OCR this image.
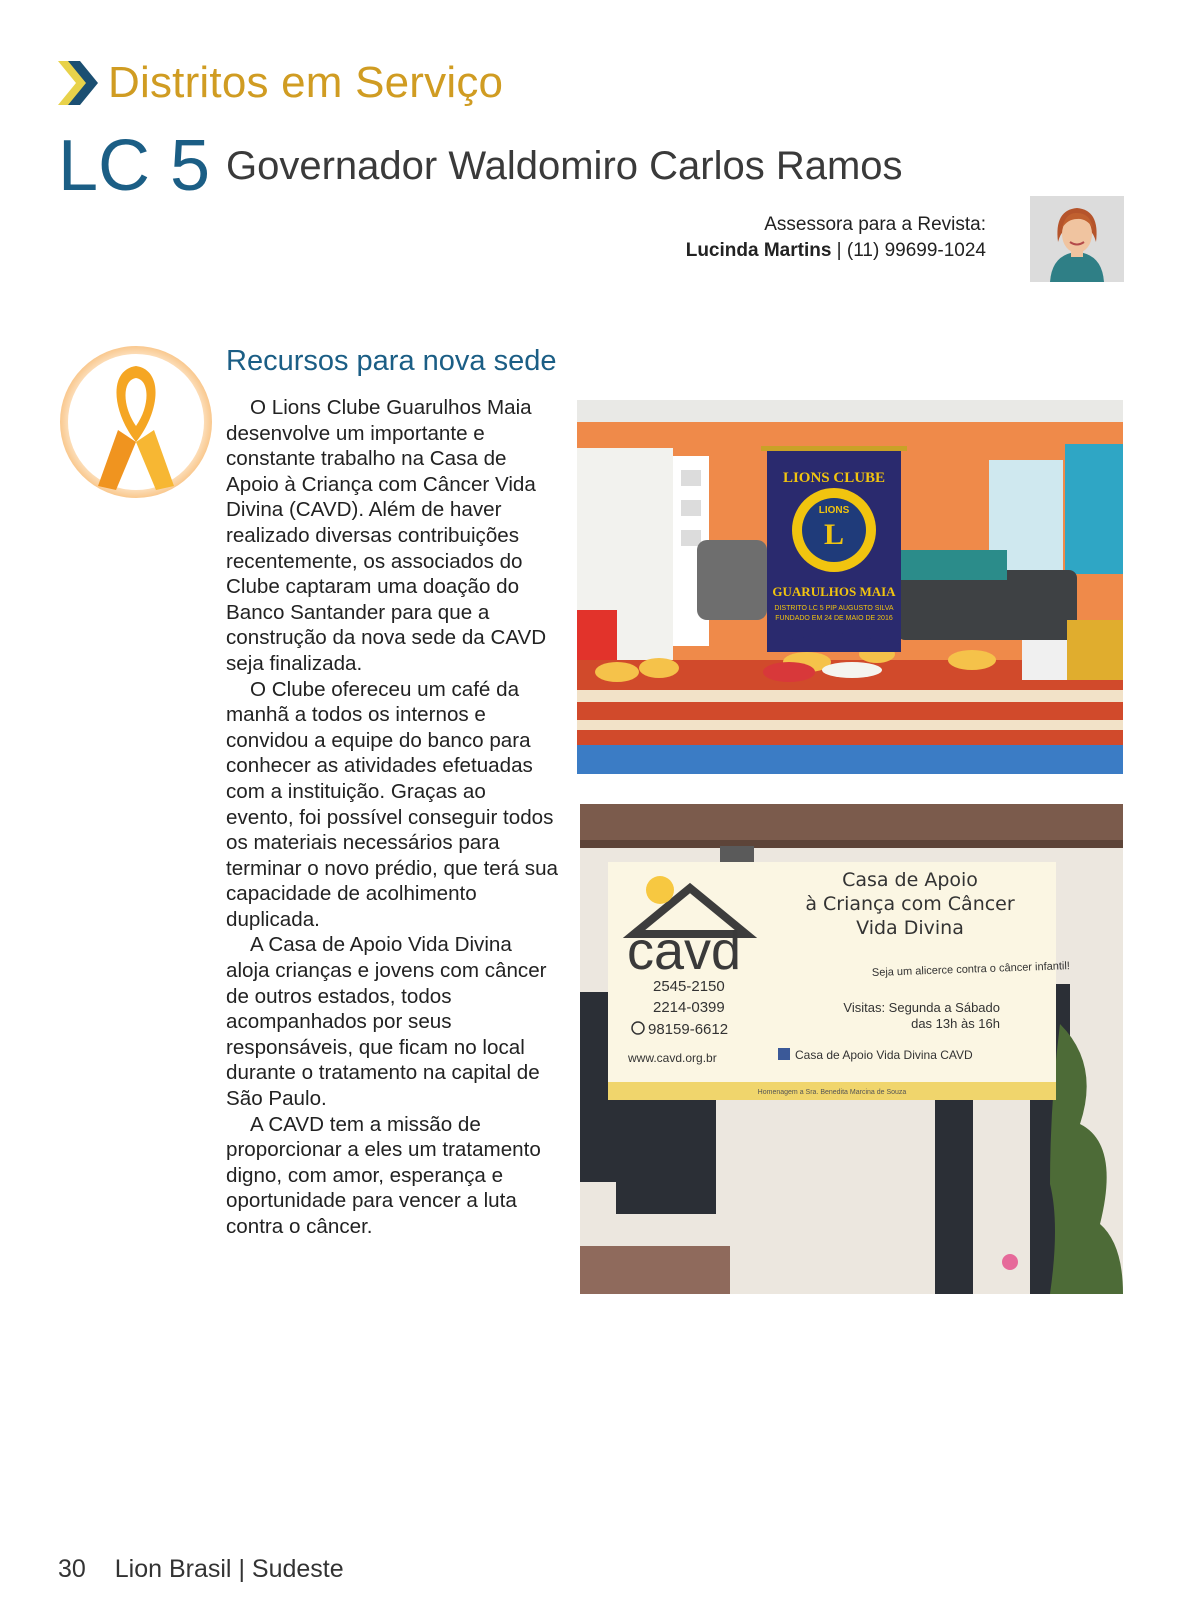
Distritos em Serviço
LC 5 Governador Waldomiro Carlos Ramos
Assessora para a Revista:
Lucinda Martins | (11) 99699-1024
Recursos para nova sede

O Lions Clube Guarulhos Maia desenvolve um importante e constante trabalho na Casa de Apoio à Criança com Câncer Vida Divina (CAVD). Além de haver realizado diversas contribuições recentemente, os associados do Clube captaram uma doação do Banco Santander para que a construção da nova sede da CAVD seja finalizada.

O Clube ofereceu um café da manhã a todos os internos e convidou a equipe do banco para conhecer as atividades efetuadas com a instituição. Graças ao evento, foi possível conseguir todos os materiais necessários para terminar o novo prédio, que terá sua capacidade de acolhimento duplicada.

A Casa de Apoio Vida Divina aloja crianças e jovens com câncer de outros estados, todos acompanhados por seus responsáveis, que ficam no local durante o tratamento na capital de São Paulo.

A CAVD tem a missão de proporcionar a eles um tratamento digno, com amor, esperança e oportunidade para vencer a luta contra o câncer.

LIONS CLUBE
LIONS
L
GUARULHOS MAIA
DISTRITO LC 5 PIP AUGUSTO SILVA
FUNDADO EM 24 DE MAIO DE 2016
cavd
Casa de Apoio
à Criança com Câncer
Vida Divina
2545-2150
2214-0399
98159-6612
www.cavd.org.br
Seja um alicerce contra o câncer infantil!
Visitas: Segunda a Sábado
das 13h às 16h
Casa de Apoio Vida Divina CAVD
Homenagem a Sra. Benedita Marcina de Souza
30 Lion Brasil | Sudeste
